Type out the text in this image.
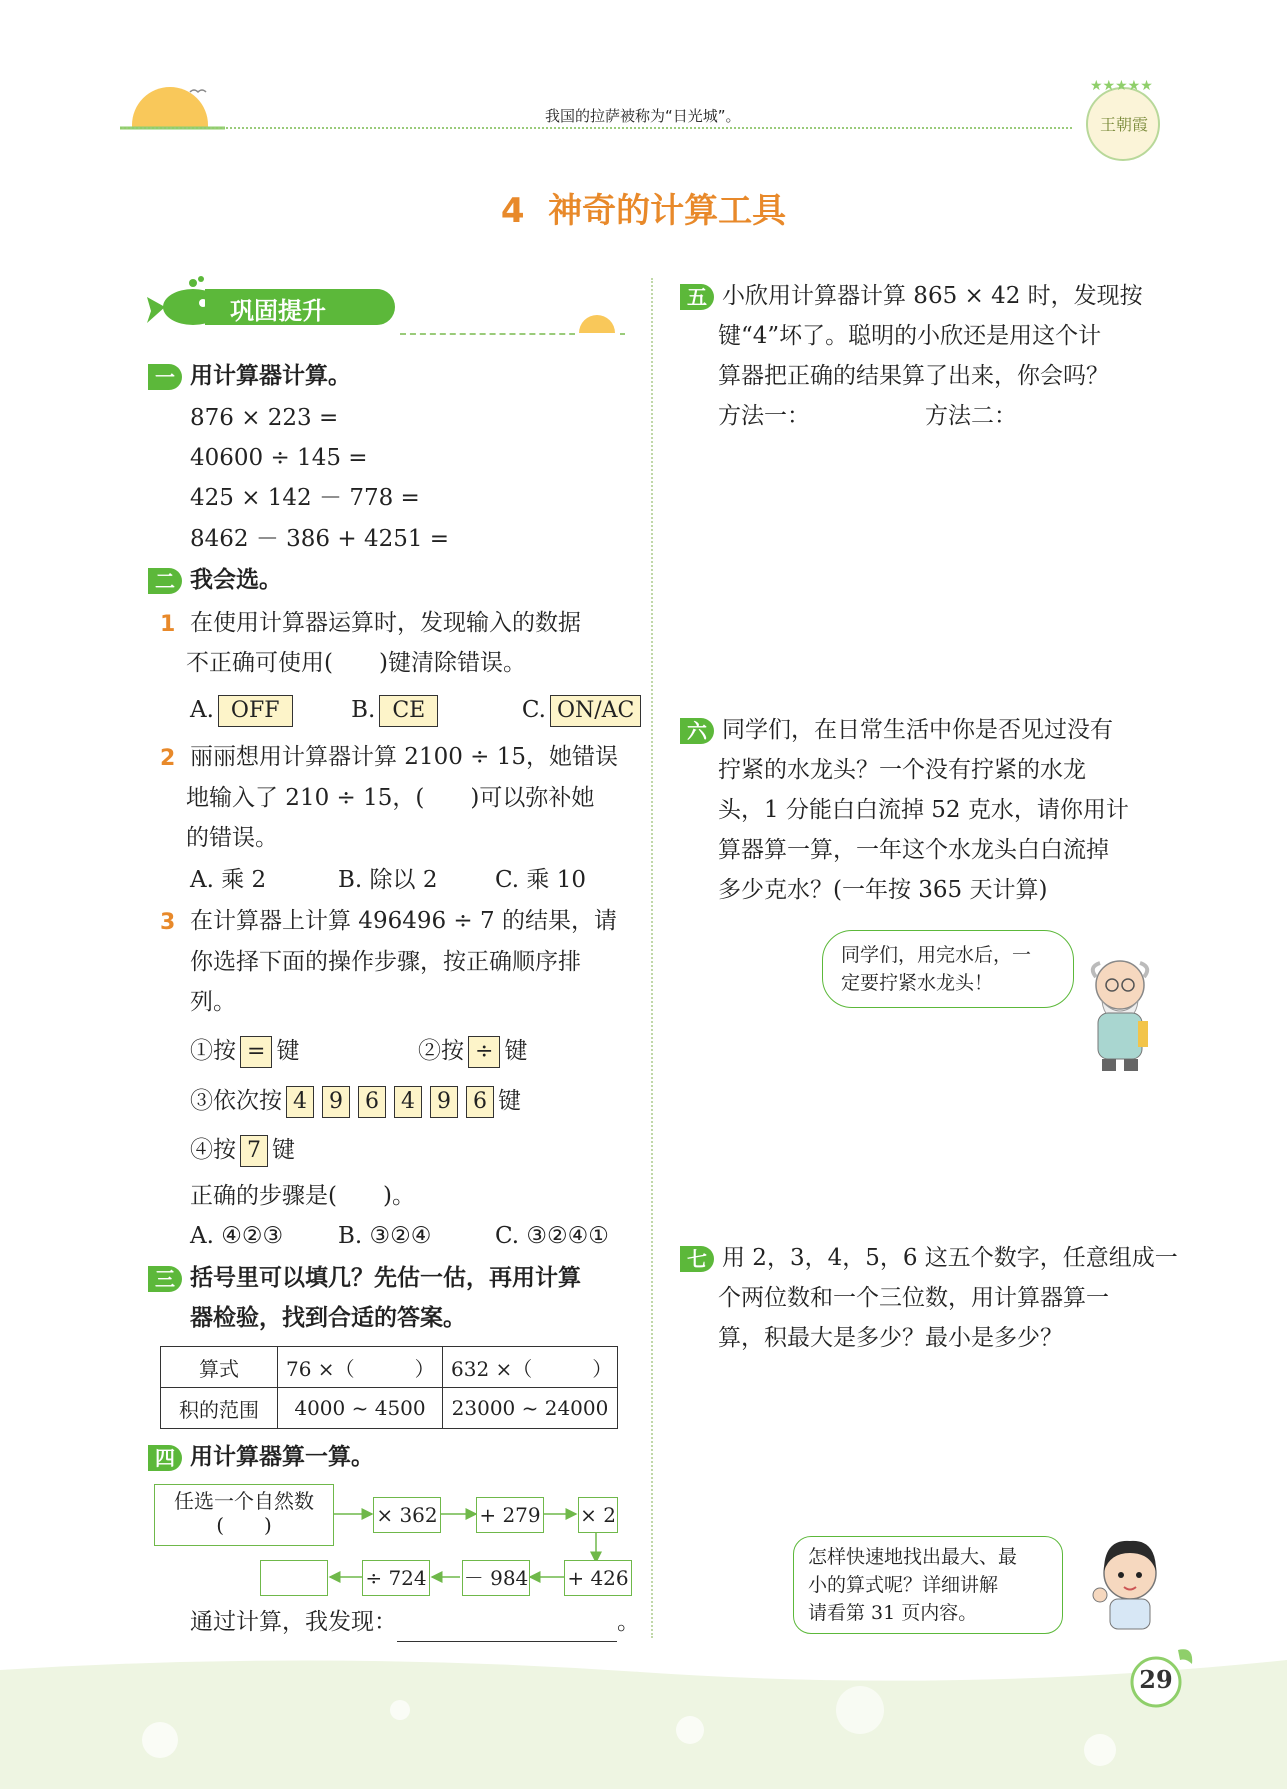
我国的拉萨被称为“日光城”。
★★★★★
王朝霞
4  神奇的计算工具
巩固提升
一 用计算器计算。
876 × 223 =
40600 ÷ 145 =
425 × 142 － 778 =
8462 － 386 + 4251 =
二 我会选。
1 在使用计算器运算时，发现输入的数据
不正确可使用(　　)键清除错误。
A. OFF	B. CE	C. ON/AC
2 丽丽想用计算器计算 2100 ÷ 15，她错误
地输入了 210 ÷ 15，(　　)可以弥补她
的错误。
A. 乘 2	B. 除以 2	C. 乘 10
3 在计算器上计算 496496 ÷ 7 的结果，请
你选择下面的操作步骤，按正确顺序排
列。
①按 = 键	②按 ÷ 键
③依次按 4 9 6 4 9 6 键
④按 7 键
正确的步骤是(　　)。
A. ④②③ B. ③②④	C. ③②④①
三 括号里可以填几？先估一估，再用计算
器检验，找到合适的答案。
算式	76 ×（　　　）	632 ×（　　　）
积的范围	4000 ~ 4500	23000 ~ 24000
四 用计算器算一算。
任选一个自然数
(　　)	× 362 + 279 × 2
+ 426
－ 984
÷ 724
通过计算，我发现：	。
五 小欣用计算器计算 865 × 42 时，发现按
键“4”坏了。聪明的小欣还是用这个计
算器把正确的结果算了出来，你会吗？
方法一：	方法二：
六 同学们，在日常生活中你是否见过没有
拧紧的水龙头？一个没有拧紧的水龙
头，1 分能白白流掉 52 克水，请你用计
算器算一算，一年这个水龙头白白流掉
多少克水？(一年按 365 天计算)
同学们，用完水后，一
定要拧紧水龙头！
七 用 2，3，4，5，6 这五个数字，任意组成一
个两位数和一个三位数，用计算器算一
算，积最大是多少？最小是多少？
怎样快速地找出最大、最
小的算式呢？详细讲解
请看第 31 页内容。
29
